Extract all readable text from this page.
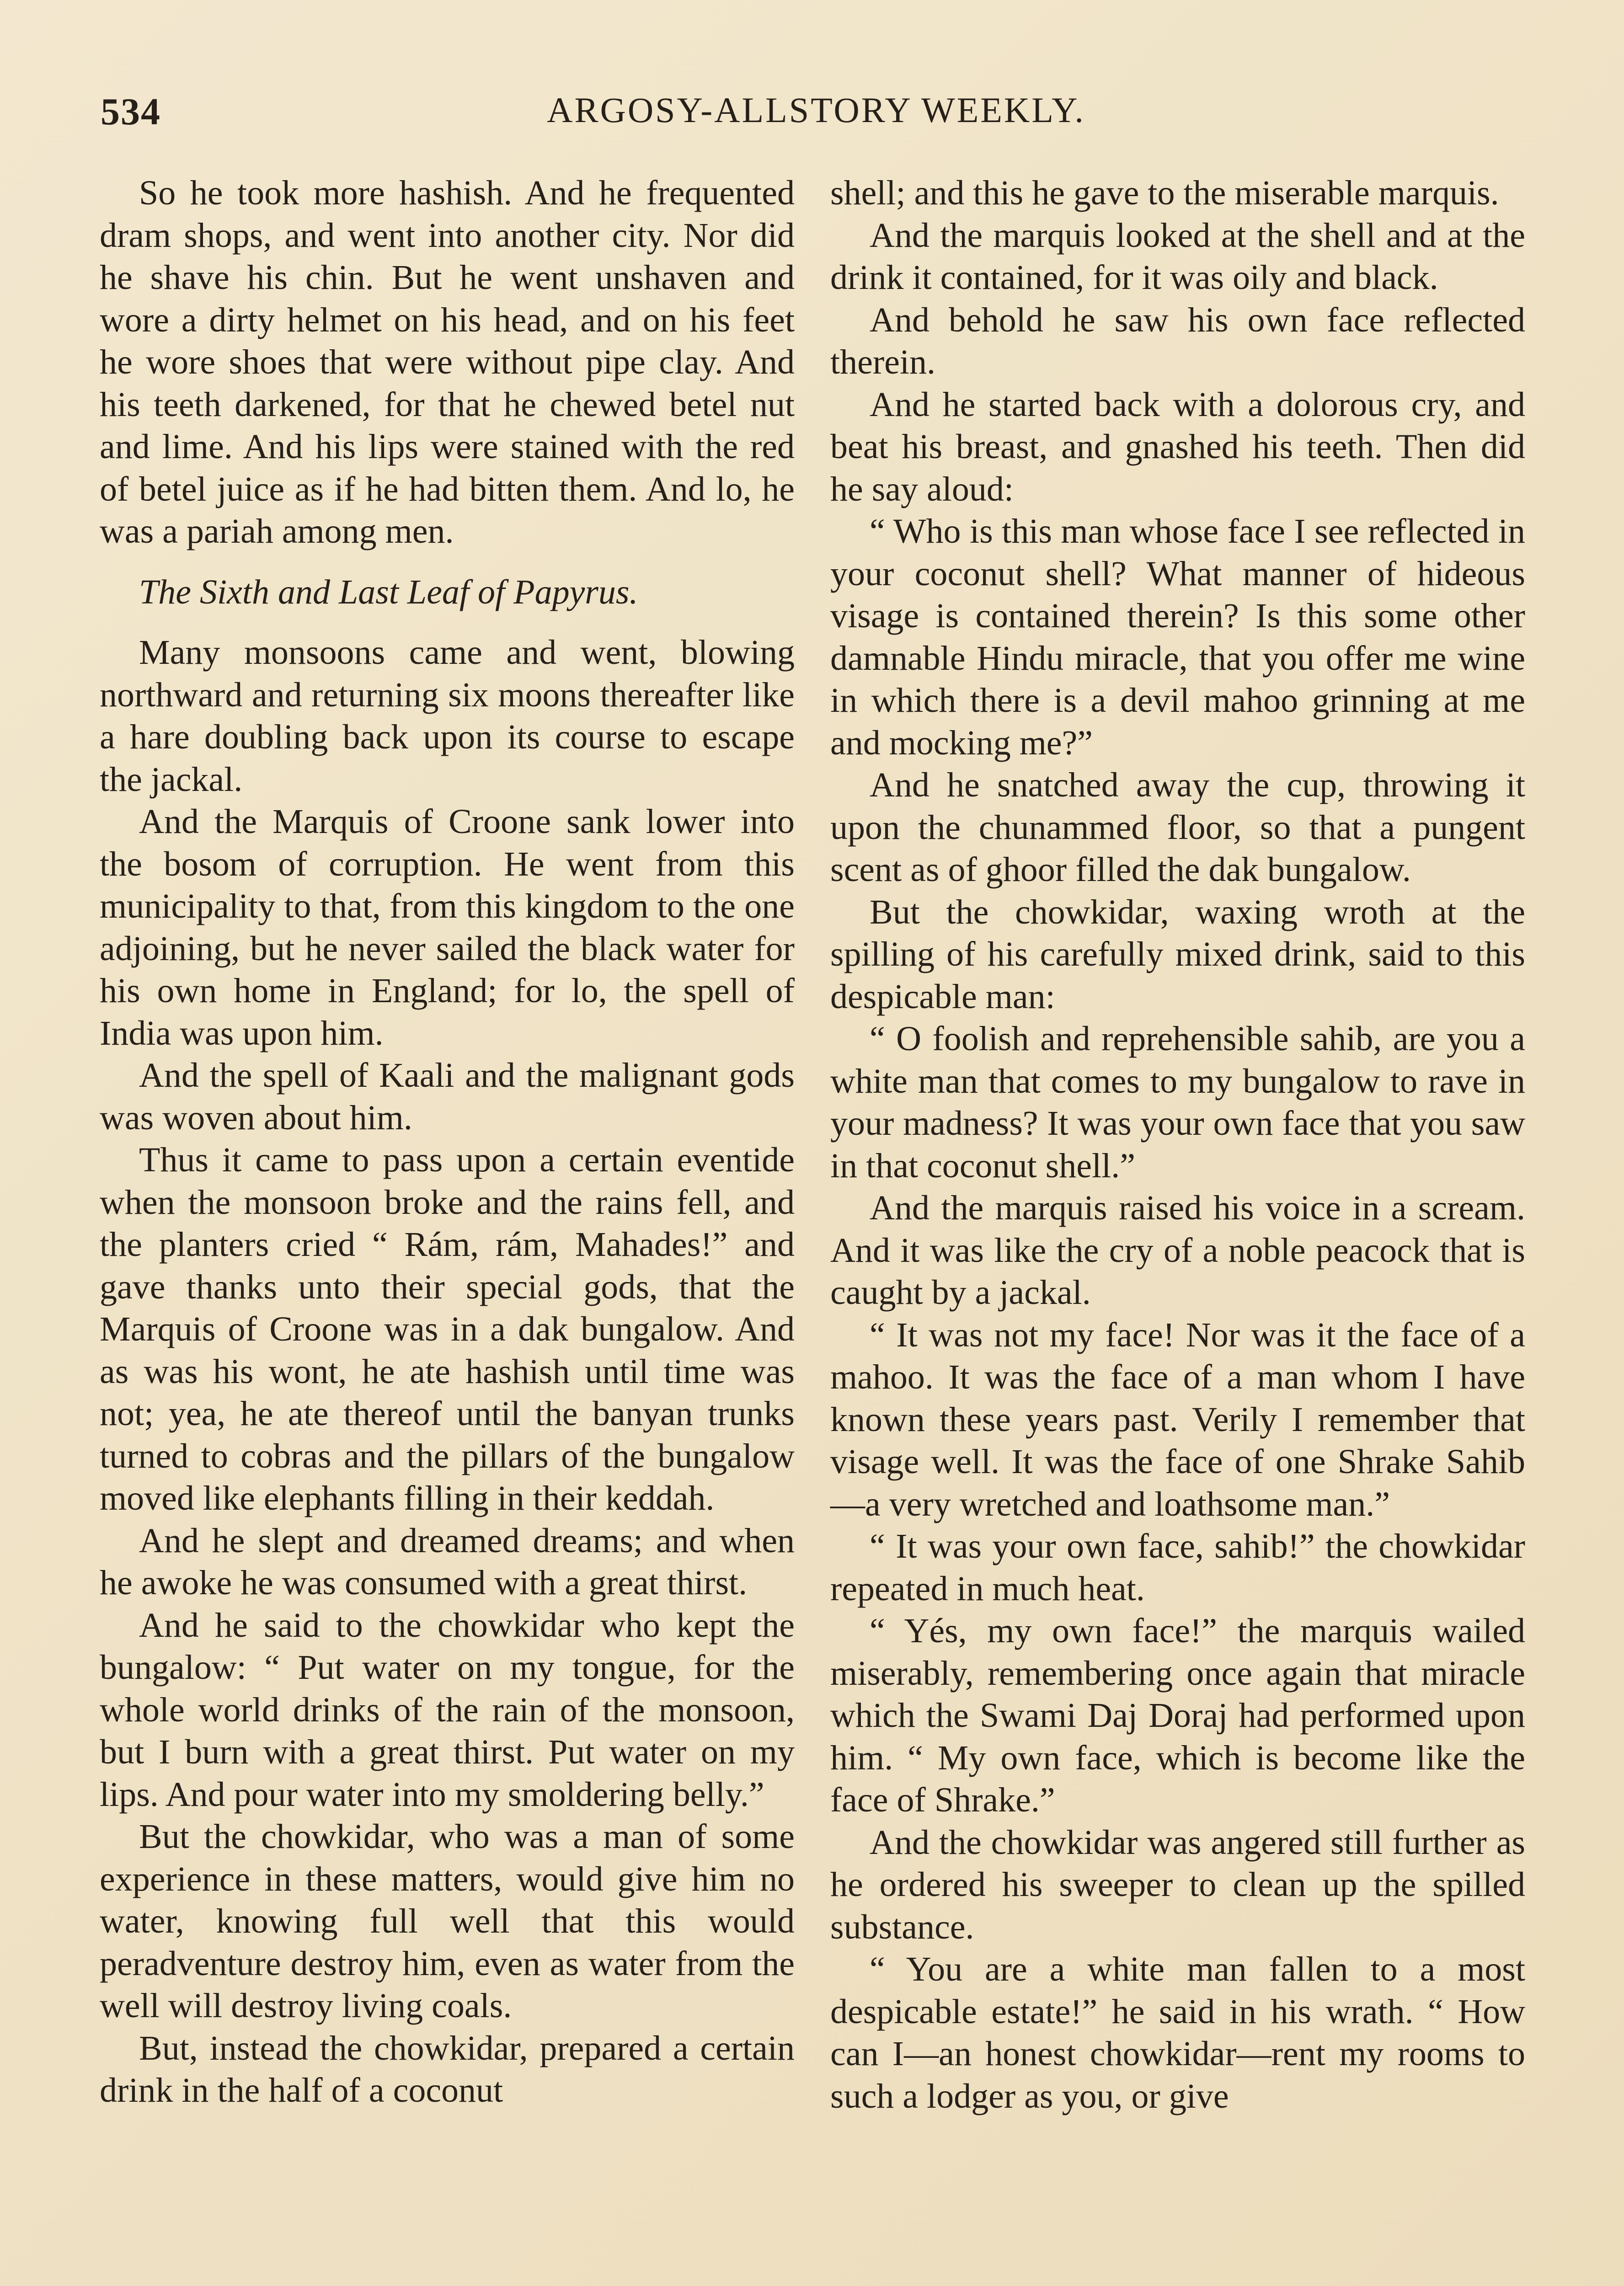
ARGOSY-ALLSTORY WEEKLY.
534

So he took more hashish. And he frequented dram shops, and went into another city. Nor did he shave his chin. But he went unshaven and wore a dirty helmet on his head, and on his feet he wore shoes that were without pipe clay. And his teeth darkened, for that he chewed betel nut and lime. And his lips were stained with the red of betel juice as if he had bitten them. And lo, he was a pariah among men.

The Sixth and Last Leaf of Papyrus.

Many monsoons came and went, blowing northward and returning six moons thereafter like a hare doubling back upon its course to escape the jackal.

And the Marquis of Croone sank lower into the bosom of corruption. He went from this municipality to that, from this kingdom to the one adjoining, but he never sailed the black water for his own home in England; for lo, the spell of India was upon him.

And the spell of Kaali and the malignant gods was woven about him.

Thus it came to pass upon a certain eventide when the monsoon broke and the rains fell, and the planters cried “ Rám, rám, Mahades!” and gave thanks unto their special gods, that the Marquis of Croone was in a dak bungalow. And as was his wont, he ate hashish until time was not; yea, he ate thereof until the banyan trunks turned to cobras and the pillars of the bungalow moved like elephants filling in their keddah.

And he slept and dreamed dreams; and when he awoke he was consumed with a great thirst.

And he said to the chowkidar who kept the bungalow: “ Put water on my tongue, for the whole world drinks of the rain of the monsoon, but I burn with a great thirst. Put water on my lips. And pour water into my smoldering belly.”

But the chowkidar, who was a man of some experience in these matters, would give him no water, knowing full well that this would peradventure destroy him, even as water from the well will destroy living coals.

But, instead the chowkidar, prepared a certain drink in the half of a coconut

shell; and this he gave to the miserable marquis.

And the marquis looked at the shell and at the drink it contained, for it was oily and black.

And behold he saw his own face reflected therein.

And he started back with a dolorous cry, and beat his breast, and gnashed his teeth. Then did he say aloud:

“ Who is this man whose face I see reflected in your coconut shell? What manner of hideous visage is contained therein? Is this some other damnable Hindu miracle, that you offer me wine in which there is a devil mahoo grinning at me and mocking me?”

And he snatched away the cup, throwing it upon the chunammed floor, so that a pungent scent as of ghoor filled the dak bungalow.

But the chowkidar, waxing wroth at the spilling of his carefully mixed drink, said to this despicable man:

“ O foolish and reprehensible sahib, are you a white man that comes to my bungalow to rave in your madness? It was your own face that you saw in that coconut shell.”

And the marquis raised his voice in a scream. And it was like the cry of a noble peacock that is caught by a jackal.

“ It was not my face! Nor was it the face of a mahoo. It was the face of a man whom I have known these years past. Verily I remember that visage well. It was the face of one Shrake Sahib—a very wretched and loathsome man.”

“ It was your own face, sahib!” the chowkidar repeated in much heat.

“ Yés, my own face!” the marquis wailed miserably, remembering once again that miracle which the Swami Daj Doraj had performed upon him. “ My own face, which is become like the face of Shrake.”

And the chowkidar was angered still further as he ordered his sweeper to clean up the spilled substance.

“ You are a white man fallen to a most despicable estate!” he said in his wrath. “ How can I—an honest chowkidar—rent my rooms to such a lodger as you, or give
